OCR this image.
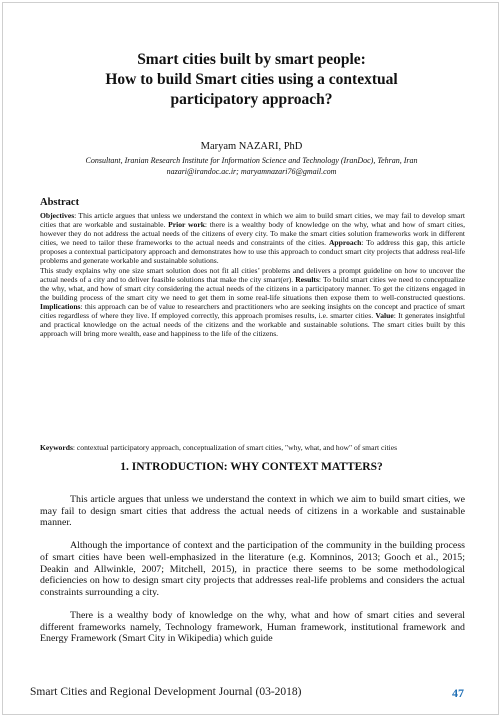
Smart cities built by smart people:
How to build Smart cities using a contextual
participatory approach?
Maryam NAZARI, PhD
Consultant, Iranian Research Institute for Information Science and Technology (IranDoc), Tehran, Iran
nazari@irandoc.ac.ir; maryamnazari76@gmail.com
Abstract

Objectives: This article argues that unless we understand the context in which we aim to build smart cities, we may fail to develop smart cities that are workable and sustainable. Prior work: there is a wealthy body of knowledge on the why, what and how of smart cities, however they do not address the actual needs of the citizens of every city. To make the smart cities solution frameworks work in different cities, we need to tailor these frameworks to the actual needs and constraints of the cities. Approach: To address this gap, this article proposes a contextual participatory approach and demonstrates how to use this approach to conduct smart city projects that address real-life problems and generate workable and sustainable solutions.

This study explains why one size smart solution does not fit all cities’ problems and delivers a prompt guideline on how to uncover the actual needs of a city and to deliver feasible solutions that make the city smart(er). Results: To build smart cities we need to conceptualize the why, what, and how of smart city considering the actual needs of the citizens in a participatory manner. To get the citizens engaged in the building process of the smart city we need to get them in some real-life situations then expose them to well-constructed questions. Implications: this approach can be of value to researchers and practitioners who are seeking insights on the concept and practice of smart cities regardless of where they live. If employed correctly, this approach promises results, i.e. smarter cities. Value: It generates insightful and practical knowledge on the actual needs of the citizens and the workable and sustainable solutions. The smart cities built by this approach will bring more wealth, ease and happiness to the life of the citizens.

Keywords: contextual participatory approach, conceptualization of smart cities, "why, what, and how" of smart cities
1. INTRODUCTION: WHY CONTEXT MATTERS?

This article argues that unless we understand the context in which we aim to build smart cities, we may fail to design smart cities that address the actual needs of citizens in a workable and sustainable manner.

Although the importance of context and the participation of the community in the building process of smart cities have been well-emphasized in the literature (e.g. Komninos, 2013; Gooch et al., 2015; Deakin and Allwinkle, 2007; Mitchell, 2015), in practice there seems to be some methodological deficiencies on how to design smart city projects that addresses real-life problems and considers the actual constraints surrounding a city.

There is a wealthy body of knowledge on the why, what and how of smart cities and several different frameworks namely, Technology framework, Human framework, institutional framework and Energy Framework (Smart City in Wikipedia) which guide

Smart Cities and Regional Development Journal (03-2018)	47
